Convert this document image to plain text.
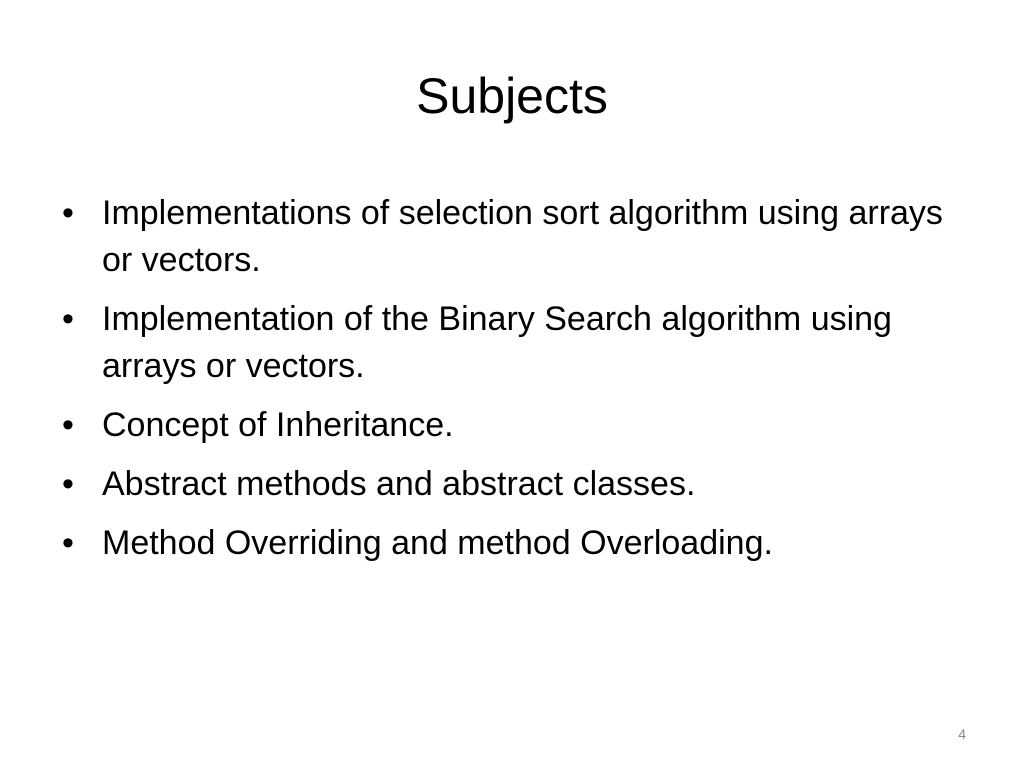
Subjects
• Implementations of selection sort algorithm using arrays or vectors.
• Implementation of the Binary Search algorithm using arrays or vectors.
• Concept of Inheritance.
• Abstract methods and abstract classes.
• Method Overriding and method Overloading.
4
